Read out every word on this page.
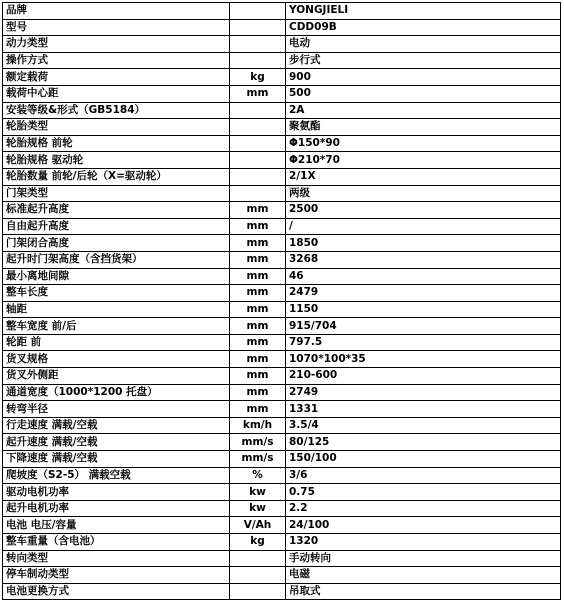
品牌		YONGJIELI
型号		CDD09B
动力类型		电动
操作方式		步行式
额定载荷	kg	900
载荷中心距	mm	500
安装等级&形式（GB5184）		2A
轮胎类型		聚氨酯
轮胎规格 前轮		Φ150*90
轮胎规格 驱动轮		Φ210*70
轮胎数量 前轮/后轮（X=驱动轮）		2/1X
门架类型		两级
标准起升高度	mm	2500
自由起升高度	mm	/
门架闭合高度	mm	1850
起升时门架高度（含挡货架）	mm	3268
最小离地间隙	mm	46
整车长度	mm	2479
轴距	mm	1150
整车宽度 前/后	mm	915/704
轮距 前	mm	797.5
货叉规格	mm	1070*100*35
货叉外侧距	mm	210-600
通道宽度（1000*1200 托盘）	mm	2749
转弯半径	mm	1331
行走速度 满载/空载	km/h	3.5/4
起升速度 满载/空载	mm/s	80/125
下降速度 满载/空载	mm/s	150/100
爬坡度（S2-5） 满载空载	%	3/6
驱动电机功率	kw	0.75
起升电机功率	kw	2.2
电池 电压/容量	V/Ah	24/100
整车重量（含电池）	kg	1320
转向类型		手动转向
停车制动类型		电磁
电池更换方式		吊取式
